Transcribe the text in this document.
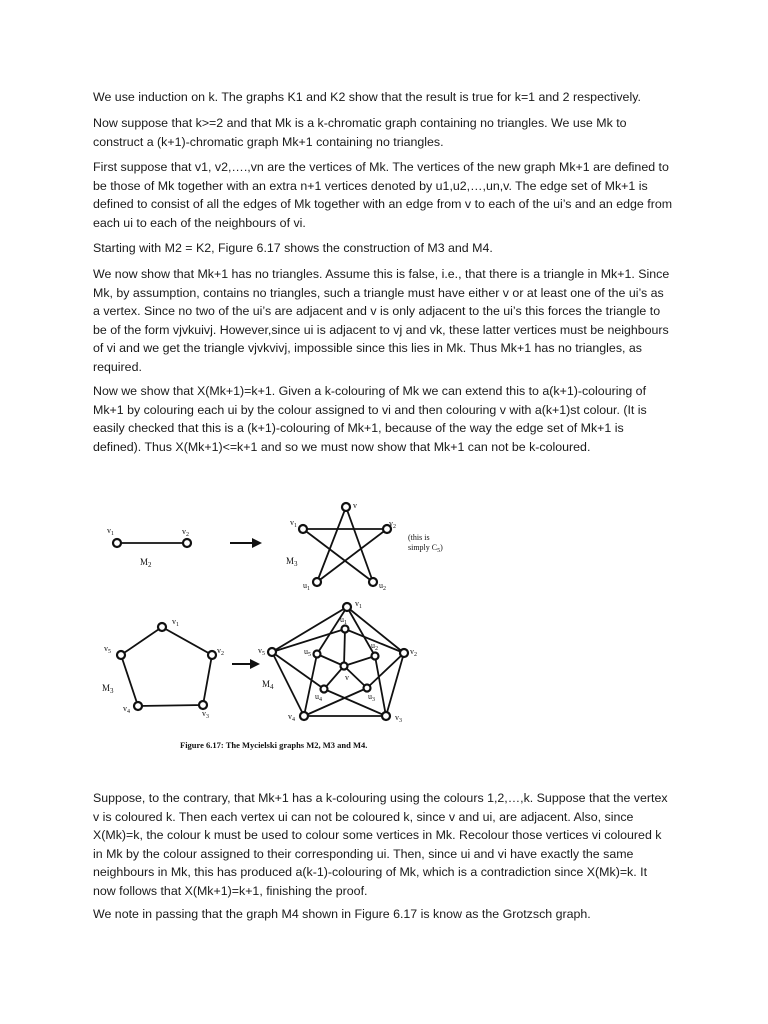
We use induction on k. The graphs K1 and K2 show that the result is true for k=1 and 2 respectively.

Now suppose that k>=2 and that Mk is a k-chromatic graph containing no triangles. We use Mk to construct a (k+1)-chromatic graph Mk+1 containing no triangles.

First suppose that v1, v2,….,vn are the vertices of Mk. The vertices of the new graph Mk+1 are defined to be those of Mk together with an extra n+1 vertices denoted by u1,u2,…,un,v. The edge set of Mk+1 is defined to consist of all the edges of Mk together with an edge from v to each of the ui’s and an edge from each ui to each of the neighbours of vi.

Starting with M2 = K2, Figure 6.17 shows the construction of M3 and M4.

We now show that Mk+1 has no triangles. Assume this is false, i.e., that there is a triangle in Mk+1. Since Mk, by assumption, contains no triangles, such a triangle must have either v or at least one of the ui’s as a vertex. Since no two of the ui’s are adjacent and v is only adjacent to the ui’s this forces the triangle to be of the form vjvkuivj. However,since ui is adjacent to vj and vk, these latter vertices must be neighbours of vi and we get the triangle vjvkvivj, impossible since this lies in Mk. Thus Mk+1 has no triangles, as required.

Now we show that X(Mk+1)=k+1. Given a k-colouring of Mk we can extend this to a(k+1)-colouring of Mk+1 by colouring each ui by the colour assigned to vi and then colouring v with a(k+1)st colour. (It is easily checked that this is a (k+1)-colouring of Mk+1, because of the way the edge set of Mk+1 is defined). Thus X(Mk+1)<=k+1 and so we must now show that Mk+1 can not be k-coloured.

$v_1$	$v_2$
$M_2$
v
$v_1$	$v_2$
$u_1$	$u_2$
$M_3$
(this is
simply $C_5$)
$v_1$
$v_2$
$v_3$
$v_4$
$v_5$
$M_3$
$v_1$
$v_2$
$v_3$
$v_4$
$v_5$
$u_1$
$u_2$
$u_3$
$u_4$
$u_5$
v
$M_4$
Figure 6.17: The Mycielski graphs M2, M3 and M4.

Suppose, to the contrary, that Mk+1 has a k-colouring using the colours 1,2,…,k. Suppose that the vertex v is coloured k. Then each vertex ui can not be coloured k, since v and ui, are adjacent. Also, since X(Mk)=k, the colour k must be used to colour some vertices in Mk. Recolour those vertices vi coloured k in Mk by the colour assigned to their corresponding ui. Then, since ui and vi have exactly the same neighbours in Mk, this has produced a(k-1)-colouring of Mk, which is a contradiction since X(Mk)=k. It now follows that X(Mk+1)=k+1, finishing the proof.

We note in passing that the graph M4 shown in Figure 6.17 is know as the Grotzsch graph.
